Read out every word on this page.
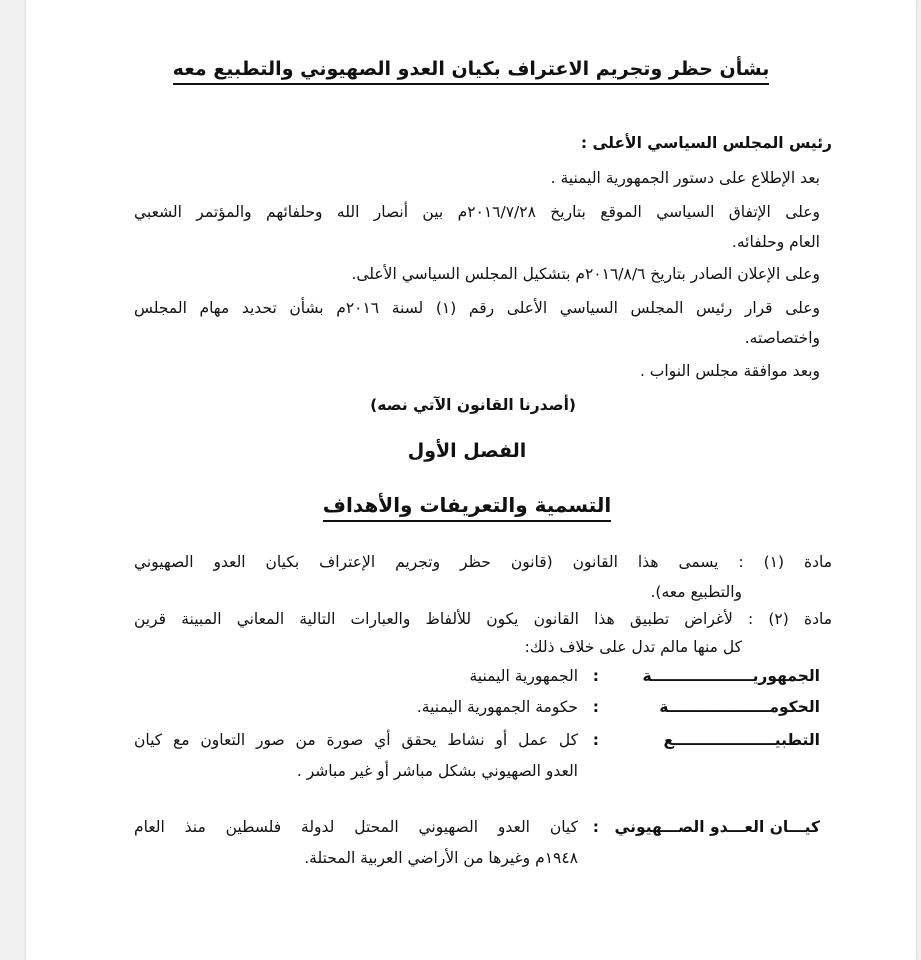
بشأن حظر وتجريم الاعتراف بكيان العدو الصهيوني والتطبيع معه
رئيس المجلس السياسي الأعلى :
بعد الإطلاع على دستور الجمهورية اليمنية .
وعلى الإتفاق السياسي الموقع بتاريخ ٢٠١٦/٧/٢٨م بين أنصار الله وحلفائهم والمؤتمر الشعبي
العام وحلفائه.
وعلى الإعلان الصادر بتاريخ ٢٠١٦/٨/٦م بتشكيل المجلس السياسي الأعلى.
وعلى قرار رئيس المجلس السياسي الأعلى رقم (١) لسنة ٢٠١٦م بشأن تحديد مهام المجلس
واختصاصته.
وبعد موافقة مجلس النواب .
(أصدرنا القانون الآتي نصه)
الفصل الأول
التسمية والتعريفات والأهداف
مادة (١) : يسمى هذا القانون (قانون حظر وتجريم الإعتراف بكيان العدو الصهيوني
والتطبيع معه).
مادة (٢) : لأغراض تطبيق هذا القانون يكون للألفاظ والعبارات التالية المعاني المبينة قرين
كل منها مالم تدل على خلاف ذلك:
الجمهوريـــــــــــــــــــة
:
الجمهورية اليمنية
الحكومـــــــــــــــــــة
:
حكومة الجمهورية اليمنية.
التطبيـــــــــــــــــــع
:
كل عمل أو نشاط يحقق أي صورة من صور التعاون مع كيان
العدو الصهيوني بشكل مباشر أو غير مباشر .
كيـــان العـــدو الصـــهيوني
:
كيان العدو الصهيوني المحتل لدولة فلسطين منذ العام
١٩٤٨م وغيرها من الأراضي العربية المحتلة.
